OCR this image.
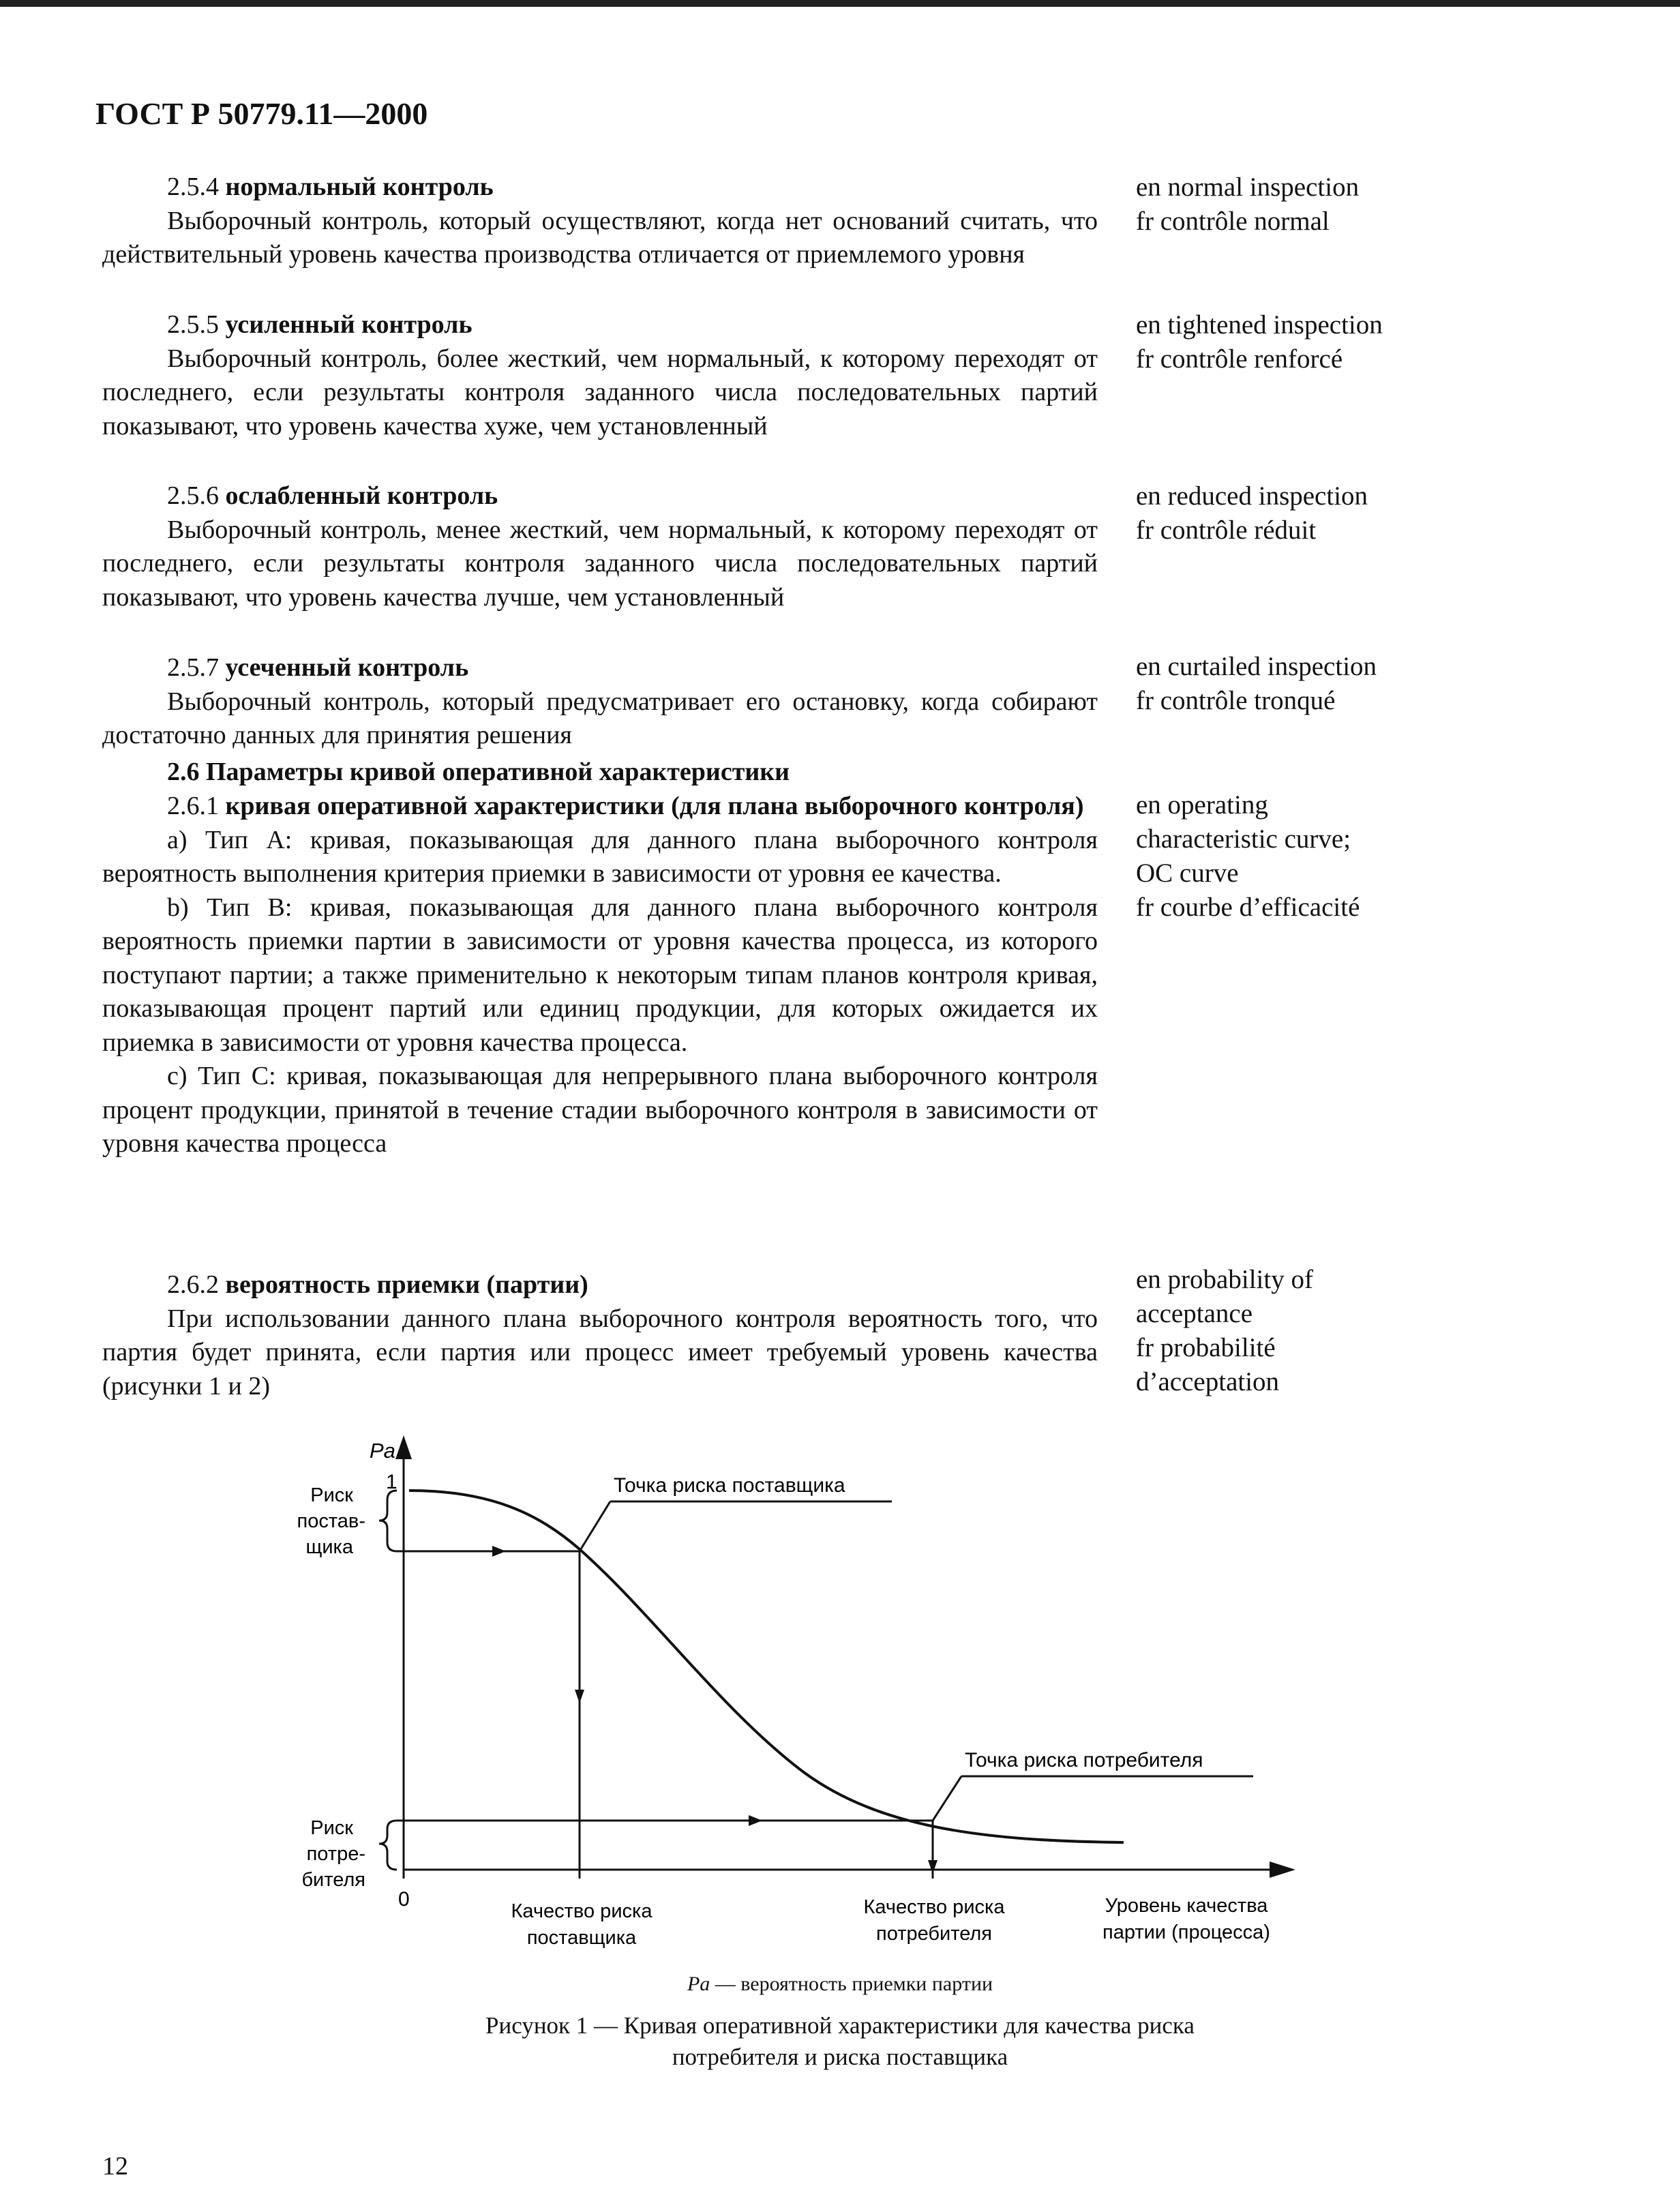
ГОСТ Р 50779.11—2000
2.5.4 нормальный контроль
Выборочный контроль, который осуществляют, когда нет оснований считать, что действительный уровень качества производства отличается от приемлемого уровня
en normal inspection
fr contrôle normal
2.5.5 усиленный контроль
Выборочный контроль, более жесткий, чем нормальный, к которому переходят от последнего, если результаты контроля заданного числа последовательных партий показывают, что уровень качества хуже, чем установленный
en tightened inspection
fr contrôle renforcé
2.5.6 ослабленный контроль
Выборочный контроль, менее жесткий, чем нормальный, к которому переходят от последнего, если результаты контроля заданного числа последовательных партий показывают, что уровень качества лучше, чем установленный
en reduced inspection
fr contrôle réduit
2.5.7 усеченный контроль
Выборочный контроль, который предусматривает его остановку, когда собирают достаточно данных для принятия решения
en curtailed inspection
fr contrôle tronqué
2.6 Параметры кривой оперативной характеристики
2.6.1 кривая оперативной характеристики (для плана выборочного контроля)
а) Тип A: кривая, показывающая для данного плана выборочного контроля вероятность выполнения критерия приемки в зависимости от уровня ее качества.
b) Тип B: кривая, показывающая для данного плана выборочного контроля вероятность приемки партии в зависимости от уровня качества процесса, из которого поступают партии; а также применительно к некоторым типам планов контроля кривая, показывающая процент партий или единиц продукции, для которых ожидается их приемка в зависимости от уровня качества процесса.
с) Тип C: кривая, показывающая для непрерывного плана выборочного контроля процент продукции, принятой в течение стадии выборочного контроля в зависимости от уровня качества процесса
en operating
characteristic curve;
OC curve
fr courbe d’efficacité
2.6.2 вероятность приемки (партии)
При использовании данного плана выборочного контроля вероятность того, что партия будет принята, если партия или процесс имеет требуемый уровень качества (рисунки 1 и 2)
en probability of
acceptance
fr probabilité
d’acceptation
Pa
1
0
Риск
постав-
щика
Риск
потре-
бителя
Точка риска поставщика
Точка риска потребителя
Качество риска
поставщика
Качество риска
потребителя
Уровень качества
партии (процесса)
Pa — вероятность приемки партии
Рисунок 1 — Кривая оперативной характеристики для качества риска
потребителя и риска поставщика
12
